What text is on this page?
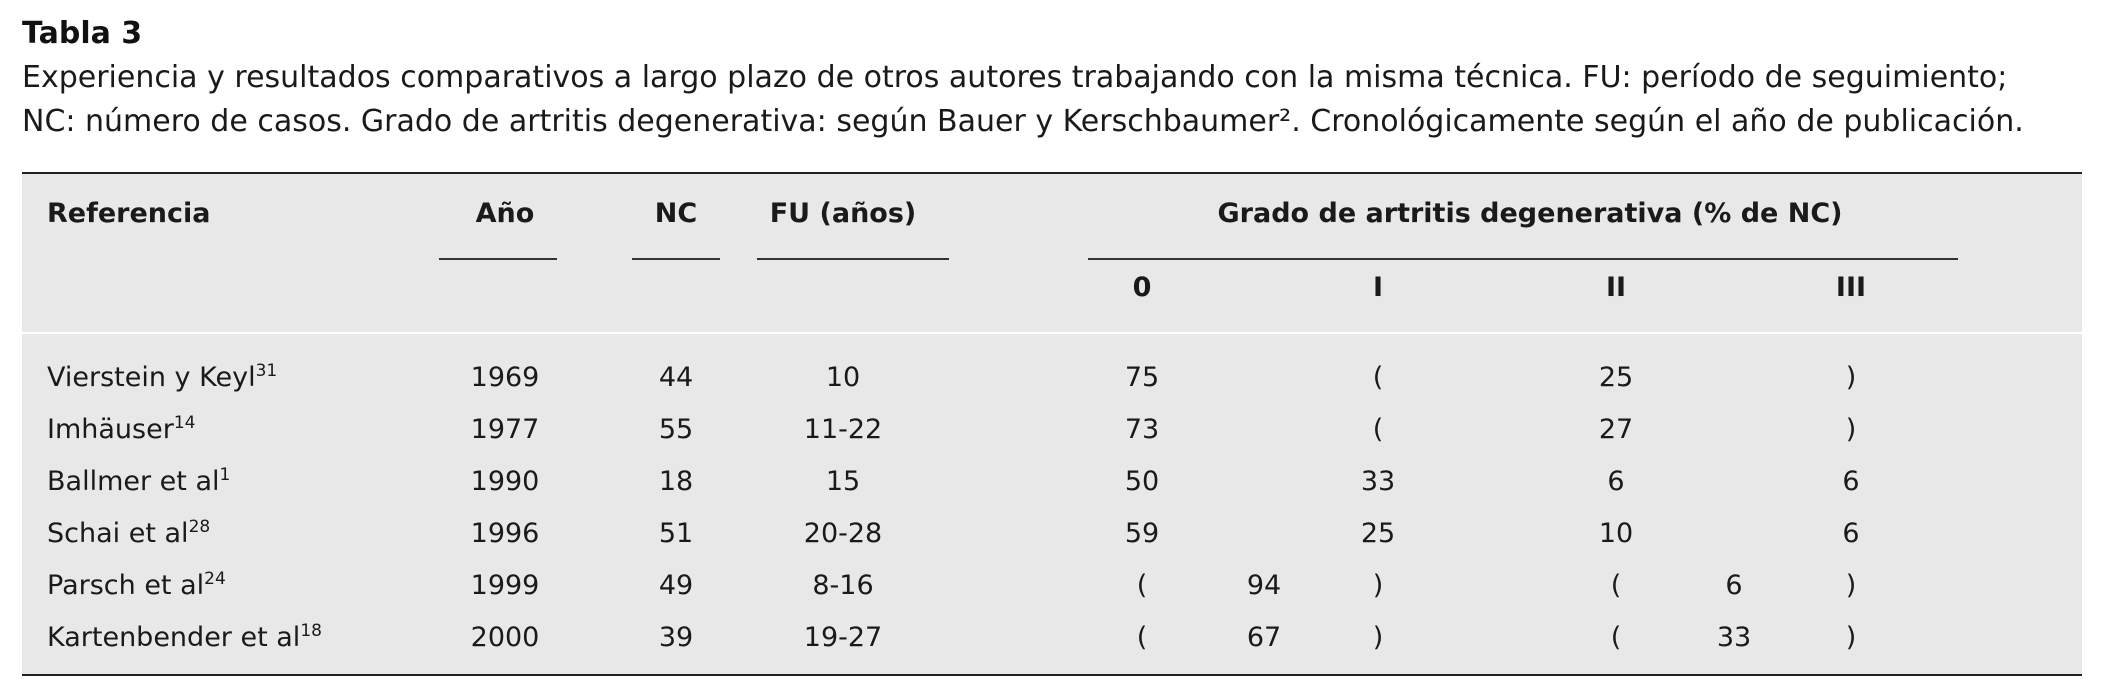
Tabla 3
Experiencia y resultados comparativos a largo plazo de otros autores trabajando con la misma técnica. FU: período de seguimiento;
NC: número de casos. Grado de artritis degenerativa: según Bauer y Kerschbaumer². Cronológicamente según el año de publicación.
Referencia	Año	NC	FU (años)	Grado de artritis degenerativa (% de NC)
0	I	II	III
Vierstein y Keyl$^{31}$	1969	44	10	75	(	25	)
Imhäuser$^{14}$	1977	55	11-22	73	(	27	)
Ballmer et $al^1$	1990	18	15	50	33	6	6
Schai et $al^{28}$	1996	51	20-28	59	25	10	6
Parsch et $al^{24}$	1999	49	8-16	(	94	)	(	6	)
Kartenbender et $al^{18}$	2000	39	19-27	(	67	)	(	33	)
